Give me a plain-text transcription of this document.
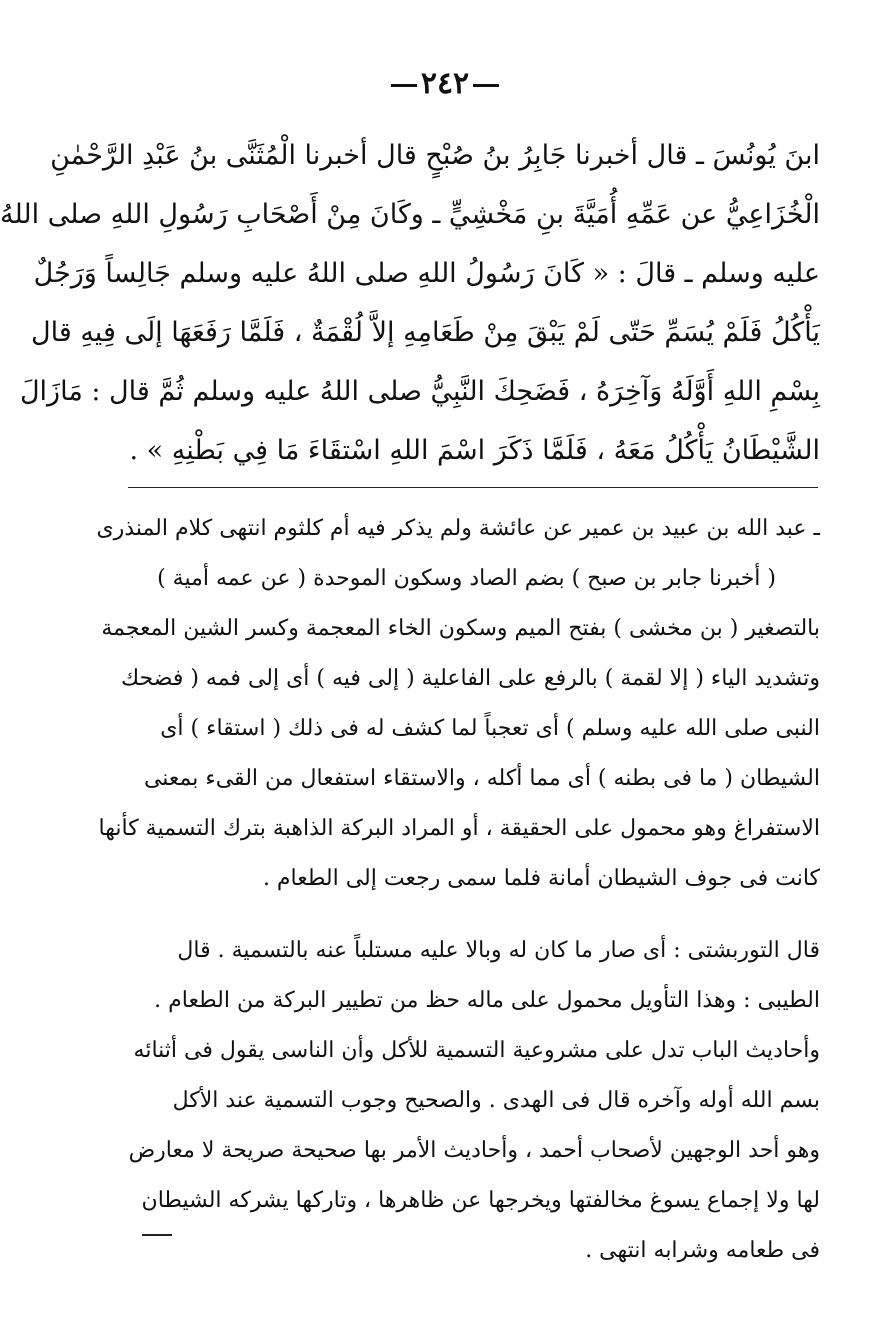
٢٤٢
ابنَ يُونُسَ ـ قال أخبرنا جَابِرُ بنُ صُبْحٍ قال أخبرنا الْمُثَنَّى بنُ عَبْدِ الرَّحْمٰنِ
الْخُزَاعِيُّ عن عَمِّهِ أُمَيَّةَ بنِ مَخْشِيٍّ ـ وكَانَ مِنْ أَصْحَابِ رَسُولِ اللهِ صلى اللهُ
عليه وسلم ـ قالَ : « كَانَ رَسُولُ اللهِ صلى اللهُ عليه وسلم جَالِساً وَرَجُلٌ
يَأْكُلُ فَلَمْ يُسَمِّ حَتّى لَمْ يَبْقَ مِنْ طَعَامِهِ إلاَّ لُقْمَةٌ ، فَلَمَّا رَفَعَهَا إلَى فِيهِ قال
بِسْمِ اللهِ أَوَّلَهُ وَآخِرَهُ ، فَضَحِكَ النَّبِيُّ صلى اللهُ عليه وسلم ثُمَّ قال : مَازَالَ
الشَّيْطَانُ يَأْكُلُ مَعَهُ ، فَلَمَّا ذَكَرَ اسْمَ اللهِ اسْتقَاءَ مَا فِي بَطْنِهِ » .
ـ عبد الله بن عبيد بن عمير عن عائشة ولم يذكر فيه أم كلثوم انتهى كلام المنذرى
( أخبرنا جابر بن صبح ) بضم الصاد وسكون الموحدة ( عن عمه أمية )
بالتصغير ( بن مخشى ) بفتح الميم وسكون الخاء المعجمة وكسر الشين المعجمة
وتشديد الياء ( إلا لقمة ) بالرفع على الفاعلية ( إلى فيه ) أى إلى فمه ( فضحك
النبى صلى الله عليه وسلم ) أى تعجباً لما كشف له فى ذلك ( استقاء ) أى
الشيطان ( ما فى بطنه ) أى مما أكله ، والاستقاء استفعال من القىء بمعنى
الاستفراغ وهو محمول على الحقيقة ، أو المراد البركة الذاهبة بترك التسمية كأنها
كانت فى جوف الشيطان أمانة فلما سمى رجعت إلى الطعام .
قال التوربشتى : أى صار ما كان له وبالا عليه مستلباً عنه بالتسمية . قال
الطيبى : وهذا التأويل محمول على ماله حظ من تطيير البركة من الطعام .
وأحاديث الباب تدل على مشروعية التسمية للأكل وأن الناسى يقول فى أثنائه
بسم الله أوله وآخره قال فى الهدى . والصحيح وجوب التسمية عند الأكل
وهو أحد الوجهين لأصحاب أحمد ، وأحاديث الأمر بها صحيحة صريحة لا معارض
لها ولا إجماع يسوغ مخالفتها ويخرجها عن ظاهرها ، وتاركها يشركه الشيطان
فى طعامه وشرابه انتهى .
